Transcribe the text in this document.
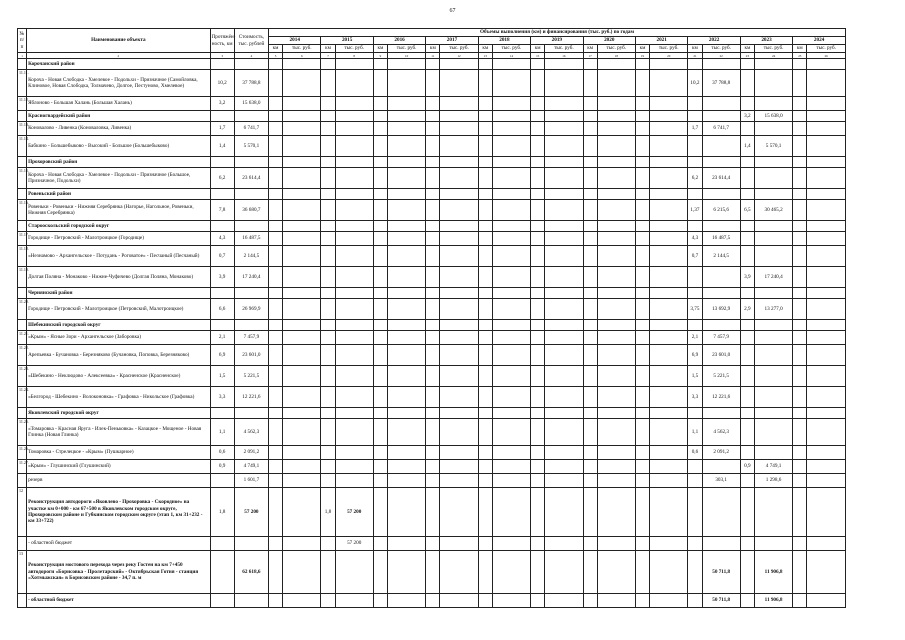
67
№ п/п	Наименование объекта	Протяжён-ность, км	Стоимость, тыс. рублей	Объемы выполнения (км) и финансирования (тыс. руб.) по годам																					
				2014		2015		2016		2017		2018		2019		2020		2021		2022		2023		2024	
				км	тыс. руб.	км	тыс. руб.	км	тыс. руб.	км	тыс. руб.	км	тыс. руб.	км	тыс. руб.	км	тыс. руб.	км	тыс. руб.	км	тыс. руб.	км	тыс. руб.	км	тыс. руб.
1	2	3	4	5	6	7	8	9	10	11	12	13	14	15	16	17	18	19	20	21	22	23	24	25	26
	Корочанский район																								
11.11.	Короча - Новая Слободка - Хмелевое - Подольхи - Призначное (Самойловка, Клиновое, Новая Слободка, Толмачево, Долгое, Пестуново, Хмелевое)	10,2	37 788,8																	10,2	37 788,8				
11.12.	Яблоново - Большая Халань (Большая Халань)	3,2	15 638,0																						
	Красногвардейский район																					3,2	15 638,0		
11.13.	Коновалово - Ливенка (Коноваловка, Ливенка)	1,7	6 741,7																	1,7	6 741,7				
11.14.	Бабкино - Большебыково - Высокий - Большое (Большебыково)	1,4	5 570,1																			1,4	5 570,1		
	Прохоровский район																								
11.15.	Короча - Новая Слободка - Хмелевое - Подольхи - Призначное (Большое, Призначное, Подольхи)	6,2	23 614,4																	6,2	23 614,4				
	Ровеньский район																								
11.16.	Ровеньки - Ровеньки - Нижняя Серебрянка (Нагорье, Нагольное, Ровеньки, Нижняя Серебрянка)	7,8	36 680,7																	1,37	6 215,6	6,5	30 465,2		
	Старооскольский городской округ																								
11.17.	Городище - Петровский - Малотроицкое (Городище)	4,3	16 487,5																	4,3	16 487,5				
11.18.	«Незнамово - Архангельское - Потудань - Роговатое» - Песчаный (Песчаный)	0,7	2 144,5																	0,7	2 144,5				
11.19.	Долгая Поляна - Монаково - Нижне-Чуфичево (Долгая Поляна, Монаково)	3,9	17 240,4																			3,9	17 240,4		
	Чернянский район																								
11.20.	Городище - Петровский - Малотроицкое (Петровский, Малотроицкое)	6,6	26 969,9																	3,75	13 692,9	2,9	13 277,0		
	Шебекинский городской округ																								
11.21.	«Крым» - Ясные Зори - Архангельское (Заборовка)	2,1	7 457,9																	2,1	7 457,9				
11.22.	Арепьевка - Бучановка - Березняково (Бучановка, Поповка, Березняково)	6,9	23 601,0																	6,9	23 601,0				
11.23.	«Шебекино - Неклюдово - Алексеевка» - Красненское (Красненское)	1,5	5 221,5																	1,5	5 221,5				
11.24.	«Белгород - Шебекино - Волоконовка» - Графовка - Никольское (Графовка)	3,3	12 221,6																	3,3	12 221,6				
	Яковлевский городской округ																								
11.25.	«Томаровка - Красная Яруга - Илек-Пеньковка» - Казацкое - Мощеное - Новая Глинка (Новая Глинка)	1,1	4 562,3																	1,1	4 562,3				
11.26.	Томаровка - Стрелецкое - «Крым» (Пушкарное)	0,6	2 091,2																	0,6	2 091,2				
11.27.	«Крым» - Глушинский (Глушинский)	0,9	4 749,1																			0,9	4 749,1		
	резерв		1 601,7																		303,1		1 298,6		
12	Реконструкция автодороги «Яковлево - Прохоровка - Скородное» на участке км 0+000 - км 67+500 в Яковлевском городском округе, Прохоровском районе и Губкинском городском округе (этап 1, км 31+232 - км 33+722)	1,8	57 200			1,8	57 200																		
	- областной бюджет						57 200																		
13	Реконструкция мостового перехода через реку Гостен на км 7+450 автодороги «Борисовка - Пролетарский» - Октябрьская Готня - станция «Хотмыжская» в Борисовском районе - 34,7 п. м		62 618,6																		50 711,8		11 906,8		
	- областной бюджет																				50 711,8		11 906,8		
